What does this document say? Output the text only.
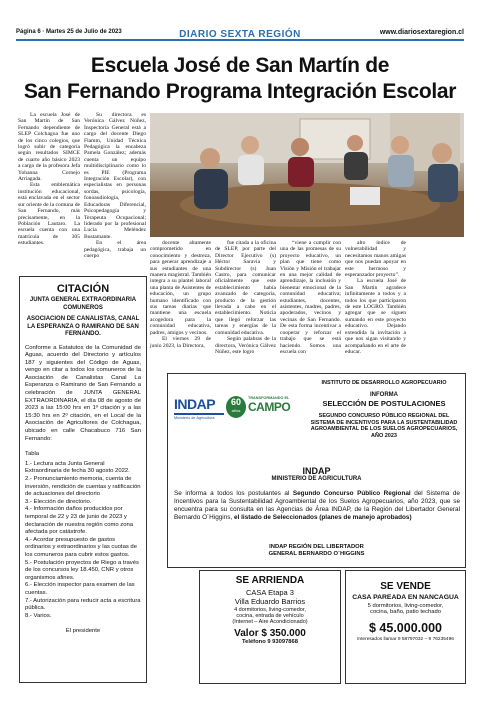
Página 6 · Martes 25 de Julio de 2023	DIARIO SEXTA REGIÓN	www.diariosextaregion.cl
Escuela José de San Martín de
San Fernando Programa Integración Escolar

La escuela José de San Martín de San Fernando dependiente de SLEP Colchagua fue uno de los cinco colegios, que logró subir de categoría según resultados SIMCE de cuarto año básico 2023 a cargo de la profesora Jefa Yohanna Cornejo Arriagada.

Esta emblemática institución educacional, está enclavada en el sector sur oriente de la comuna de San Fernando, más precisamente, en la Población Lautaro. La escuela cuenta con una matrícula de 305 estudiantes.

Su directora es Verónica Gálvez Núñez, Inspectoría General está a cargo del docente Diego Flamm, Unidad Técnica Pedagógica la encabeza Pamela González; además cuenta un equipo multidisciplinario como lo es PIE (Programa Integración Escolar), con especialistas en personas sordas, psicología, fonoaudiología, Educadoras Diferencial, Psicopedagogía y Terapeuta Ocupacional; liderado por la profesional Lucía Meléndez Bustamante.

En el área pedagógica, trabaja un cuerpo

docente altamente comprometido en conocimiento y destreza, para generar aprendizaje a sus estudiantes de una manera magistral. También integra a su plantel laboral una planta de Asistentes de educación, un grupo humano identificado con sus tareas diarias que mantiene una escuela acogedora para la comunidad educativa, padres, amigos y vecinos.

El viernes 29 de junio 2023, la Directora,

fue citada a la oficina de SLEP, por parte del Director Ejecutivo (s) Héctor Saravia y Subdirector (s) Juan Castro, para comunicar oficialmente que este establecimiento había avanzado de categoría, producto de la gestión llevada a cabo en el establecimiento. Noticia que llegó reforzar las tareas y energías de la comunidad educativa.

Según palabras de la directora, Verónica Gálvez Núñez, este logro

“viene a cumplir con una de las promesas de su proyecto educativo, un plan que tiene como Visión y Misión el trabajar en una mejor calidad de aprendizaje, la inclusión y bienestar emocional de la comunidad educativa; estudiantes, docentes, asistentes, madres, padres, apoderados, vecinos y vecinas de San Fernando. De esta forma incentivar a cooperar y reforzar el trabajo que se está haciendo. Somos una escuela con

alto índice de vulnerabilidad y necesitamos manos amigas que nos puedan apoyar en este hermoso y esperanzador proyecto”.

La escuela José de San Martín agradece infinitamente a todos y a todos los que participaron de este LOGRO. También agregar que se siguen sumando en este proyecto educativo. Dejando extendida la invitación a que nos sigan visitando y acompañando en el arte de educar.

CITACIÓN
JUNTA GENERAL EXTRAORDINARIA COMUNEROS
ASOCIACION DE CANALISTAS, CANAL LA ESPERANZA O RAMIRANO DE SAN FERNANDO.
Conforme a Estatutos de la Comunidad de Aguas, acuerdo del Directorio y artículos 187 y siguientes del Código de Aguas, vengo en citar a todos los comuneros de la Asociación de Canalistas Canal La Esperanza o Ramirano de San Fernando a celebración de JUNTA GENERAL EXTRAORDINARIA, el día 08 de agosto de 2023 a las 15:00 hrs en 1º citación y a las 15:30 hrs en 2º citación, en el Local de la Asociación de Agricultores de Colchagua, ubicado en calle Chacabuco 716 San Fernando:
Tabla

1.- Lectura acta Junta General Extraordinaria de fecha 30 agosto 2022.

2.- Pronunciamiento memoria, cuenta de inversión, rendición de cuentas y ratificación de actuaciones del directorio

3.- Elección de directorio.

4.- Información daños producidos por temporal de 22 y 23 de junio de 2023 y declaración de nuestra región como zona afectada por catástrofe.

4.- Acordar presupuesto de gastos ordinarios y extraordinarios y las cuotas de los comuneros para cubrir estos gastos.

5.- Postulación proyectos de Riego a través de los concursos ley 18.450, CNR y otros organismos afines.

6.- Elección inspector para examen de las cuentas.

7.- Autorización para reducir acta a escritura pública.

8.- Varios.

El presidente
INSTITUTO DE DESARROLLO AGROPECUARIO
INFORMA
SELECCIÓN DE POSTULACIONES
SEGUNDO CONCURSO PÚBLICO REGIONAL DEL SISTEMA DE INCENTIVOS PARA LA SUSTENTABILIDAD AGROAMBIENTAL DE LOS SUELOS AGROPECUARIOS, AÑO 2023
INDAP
Ministerio de Agricultura
60
años
TRANSFORMANDO EL
CAMPO
INDAP
MINISTERIO DE AGRICULTURA
Se informa a todos los postulantes al Segundo Concurso Público Regional del Sistema de Incentivos para la Sustentabilidad Agroambiental de los Suelos Agropecuarios, año 2023, que se encuentra para su consulta en las Agencias de Área INDAP, de la Región del Libertador General Bernardo O´Higgins, el listado de Seleccionados (planes de manejo aprobados)
INDAP REGIÓN DEL LIBERTADOR
GENERAL BERNARDO O´HIGGINS
SE ARRIENDA
CASA Etapa 3
Villa Eduardo Barrios
4 dormitorios, living-comedor,
cocina, entrada de vehículo
(Internet – Aire Acondicionado)
Valor $ 350.000
Teléfono 9 93097868
SE VENDE
CASA PAREADA EN NANCAGUA
5 dormitorios, living-comedor,
cocina, baño, patio techado
$ 45.000.000
Interesados llamar 9 58797032 – 9 76235496
